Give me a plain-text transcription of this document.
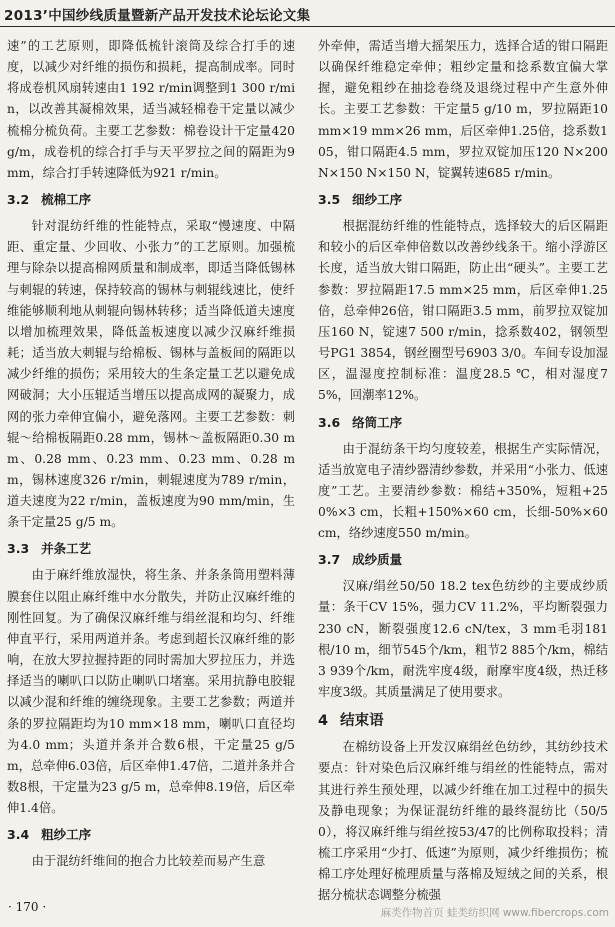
2013’中国纱线质量暨新产品开发技术论坛论文集

速”的工艺原则，即降低梳针滚筒及综合打手的速度，以减少对纤维的损伤和损耗，提高制成率。同时将成卷机风扇转速由1 192 r/min调整到1 300 r/min，以改善其凝棉效果，适当减轻棉卷干定量以减少梳棉分梳负荷。主要工艺参数：棉卷设计干定量420 g/m，成卷机的综合打手与天平罗拉之间的隔距为9 mm，综合打手转速降低为921 r/min。

3.2 梳棉工序

针对混纺纤维的性能特点，采取“慢速度、中隔距、重定量、少回收、小张力”的工艺原则。加强梳理与除杂以提高棉网质量和制成率，即适当降低锡林与刺辊的转速，保持较高的锡林与刺辊线速比，使纤维能够顺利地从刺辊向锡林转移；适当降低道夫速度以增加梳理效果，降低盖板速度以减少汉麻纤维损耗；适当放大刺辊与给棉板、锡林与盖板间的隔距以减少纤维的损伤；采用较大的生条定量工艺以避免成网破洞；大小压辊适当增压以提高成网的凝聚力，成网的张力牵伸宜偏小，避免落网。主要工艺参数：刺辊～给棉板隔距0.28 mm，锡林～盖板隔距0.30 mm、0.28 mm、0.23 mm、0.23 mm、0.28 mm，锡林速度326 r/min，刺辊速度为789 r/min，道夫速度为22 r/min，盖板速度为90 mm/min，生条干定量25 g/5 m。

3.3 并条工艺

由于麻纤维放湿快，将生条、并条条筒用塑料薄膜套住以阻止麻纤维中水分散失，并防止汉麻纤维的刚性回复。为了确保汉麻纤维与绢丝混和均匀、纤维伸直平行，采用两道并条。考虑到超长汉麻纤维的影响，在放大罗拉握持距的同时需加大罗拉压力，并选择适当的喇叭口以防止喇叭口堵塞。采用抗静电胶辊以减少混和纤维的缠绕现象。主要工艺参数；两道并条的罗拉隔距均为10 mm×18 mm，喇叭口直径均为4.0 mm；头道并条并合数6根，干定量25 g/5 m，总牵伸6.03倍，后区牵伸1.47倍，二道并条并合数8根，干定量为23 g/5 m，总牵伸8.19倍，后区牵伸1.4倍。

3.4 粗纱工序

由于混纺纤维间的抱合力比较差而易产生意

外牵伸，需适当增大摇架压力，选择合适的钳口隔距以确保纤维稳定牵伸；粗纱定量和捻系数宜偏大掌握，避免粗纱在抽捻卷绕及退绕过程中产生意外伸长。主要工艺参数：干定量5 g/10 m，罗拉隔距10 mm×19 mm×26 mm，后区牵伸1.25倍，捻系数105，钳口隔距4.5 mm，罗拉双锭加压120 N×200 N×150 N×150 N，锭翼转速685 r/min。

3.5 细纱工序

根据混纺纤维的性能特点，选择较大的后区隔距和较小的后区牵伸倍数以改善纱线条干。缩小浮游区长度，适当放大钳口隔距，防止出“硬头”。主要工艺参数：罗拉隔距17.5 mm×25 mm，后区牵伸1.25倍，总牵伸26倍，钳口隔距3.5 mm，前罗拉双锭加压160 N，锭速7 500 r/min，捻系数402，钢领型号PG1 3854，钢丝圈型号6903 3/0。车间专设加湿区，温湿度控制标准：温度28.5 ℃，相对湿度75%，回潮率12%。

3.6 络筒工序

由于混纺条干均匀度较差，根据生产实际情况，适当放宽电子清纱器清纱参数，并采用“小张力、低速度”工艺。主要清纱参数：棉结+350%，短粗+250%×3 cm，长粗+150%×60 cm，长细-50%×60 cm，络纱速度550 m/min。

3.7 成纱质量

汉麻/绢丝50/50 18.2 tex色纺纱的主要成纱质量：条干CV 15%，强力CV 11.2%，平均断裂强力230 cN，断裂强度12.6 cN/tex，3 mm毛羽181根/10 m，细节545个/km，粗节2 885个/km，棉结3 939个/km，耐洗牢度4级，耐摩牢度4级，热迁移牢度3级。其质量满足了使用要求。

4 结束语

在棉纺设备上开发汉麻绢丝色纺纱，其纺纱技术要点：针对染色后汉麻纤维与绢丝的性能特点，需对其进行养生预处理，以减少纤维在加工过程中的损失及静电现象；为保证混纺纤维的最终混纺比（50/50），将汉麻纤维与绢丝按53/47的比例称取投料；清梳工序采用“少打、低速”为原则，减少纤维损伤；梳棉工序处理好梳理质量与落棉及短绒之间的关系，根据分梳状态调整分梳强

· 170 ·	麻类作物首页 蛙类纺织网 www.fibercrops.com
